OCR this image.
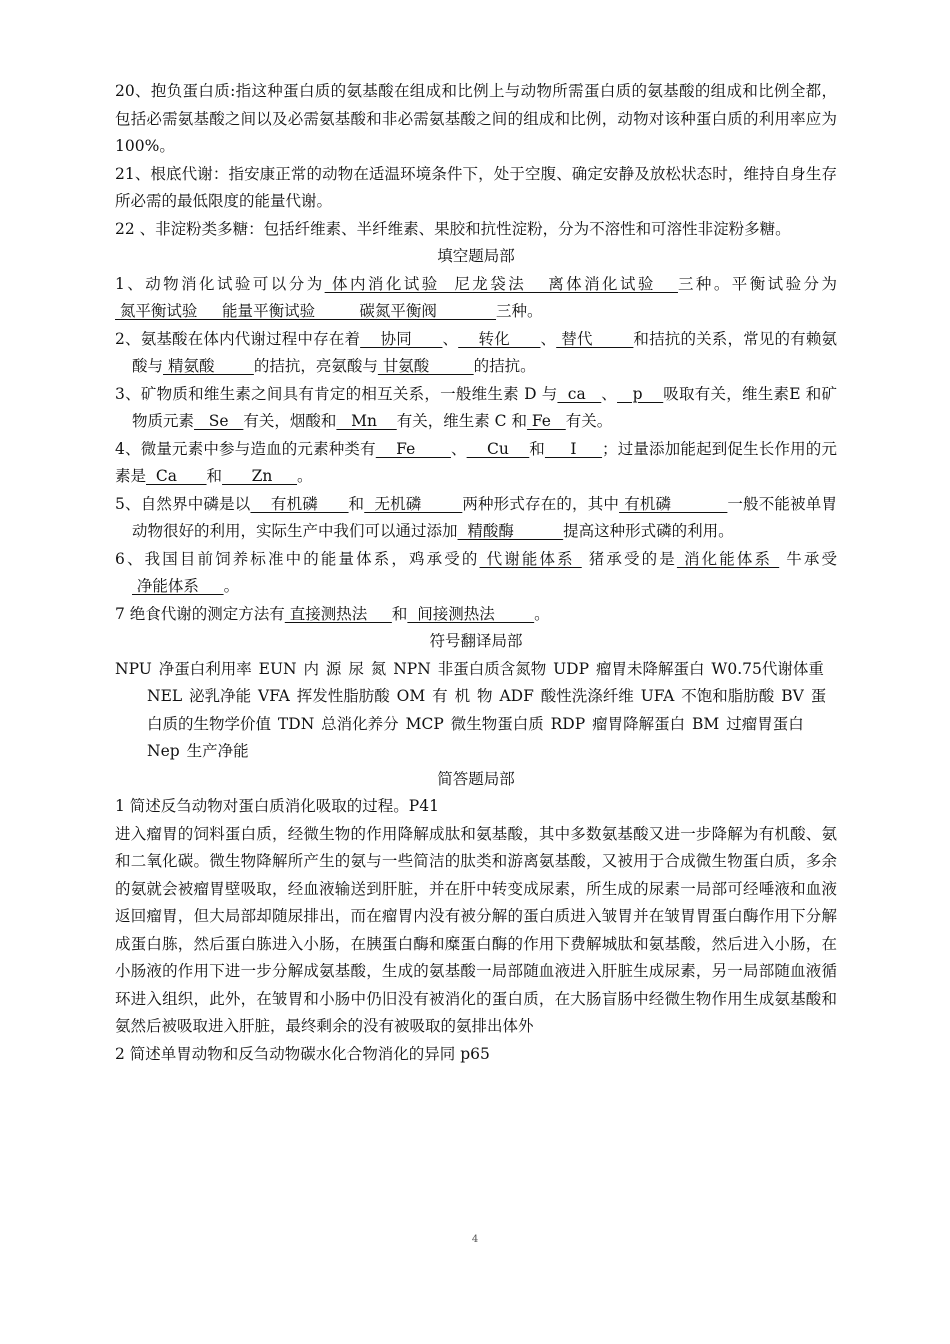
20、抱负蛋白质:指这种蛋白质的氨基酸在组成和比例上与动物所需蛋白质的氨基酸的组成和比例全都，包括必需氨基酸之间以及必需氨基酸和非必需氨基酸之间的组成和比例，动物对该种蛋白质的利用率应为 100%。
21、根底代谢：指安康正常的动物在适温环境条件下，处于空腹、确定安静及放松状态时，维持自身生存所必需的最低限度的能量代谢。
22 、非淀粉类多糖：包括纤维素、半纤维素、果胶和抗性淀粉，分为不溶性和可溶性非淀粉多糖。
填空题局部
1、动物消化试验可以分为 体内消化试验  尼龙袋法   离体消化试验   三种。平衡试验分为 氮平衡试验     能量平衡试验         碳氮平衡阀            三种。
2、氨基酸在体内代谢过程中存在着    协同      、    转化      、 替代        和拮抗的关系，常见的有赖氨酸与 精氨酸        的拮抗，亮氨酸与 甘氨酸         的拮抗。
3、矿物质和维生素之间具有肯定的相互关系，一般维生素 D 与  ca   、   p    吸取有关，维生素E 和矿物质元素   Se   有关，烟酸和   Mn    有关，维生素 C 和 Fe   有关。
4、微量元素中参与造血的元素种类有    Fe       、    Cu    和     I     ；过量添加能起到促生长作用的元素是  Ca      和      Zn     。
5、自然界中磷是以    有机磷      和  无机磷        两种形式存在的，其中 有机磷           一般不能被单胃动物很好的利用，实际生产中我们可以通过添加  精酸酶          提高这种形式磷的利用。
6、我国目前饲养标准中的能量体系，鸡承受的 代谢能体系  猪承受的是 消化能体系  牛承受 净能体系     。
7 绝食代谢的测定方法有 直接测热法     和  间接测热法        。
符号翻译局部
NPU 净蛋白利用率 EUN 内 源 尿 氮 NPN 非蛋白质含氮物 UDP 瘤胃未降解蛋白 W0.75代谢体重 NEL 泌乳净能 VFA 挥发性脂肪酸 OM 有 机 物 ADF 酸性洗涤纤维 UFA 不饱和脂肪酸 BV 蛋白质的生物学价值 TDN 总消化养分 MCP 微生物蛋白质 RDP 瘤胃降解蛋白 BM 过瘤胃蛋白 Nep 生产净能
简答题局部
1 简述反刍动物对蛋白质消化吸取的过程。P41
进入瘤胃的饲料蛋白质，经微生物的作用降解成肽和氨基酸，其中多数氨基酸又进一步降解为有机酸、氨和二氧化碳。微生物降解所产生的氨与一些简洁的肽类和游离氨基酸，又被用于合成微生物蛋白质，多余的氨就会被瘤胃壁吸取，经血液输送到肝脏，并在肝中转变成尿素，所生成的尿素一局部可经唾液和血液返回瘤胃，但大局部却随尿排出，而在瘤胃内没有被分解的蛋白质进入皱胃并在皱胃胃蛋白酶作用下分解成蛋白胨，然后蛋白胨进入小肠，在胰蛋白酶和糜蛋白酶的作用下费解城肽和氨基酸，然后进入小肠，在小肠液的作用下进一步分解成氨基酸，生成的氨基酸一局部随血液进入肝脏生成尿素，另一局部随血液循环进入组织，此外，在皱胃和小肠中仍旧没有被消化的蛋白质，在大肠盲肠中经微生物作用生成氨基酸和氨然后被吸取进入肝脏，最终剩余的没有被吸取的氨排出体外
2 简述单胃动物和反刍动物碳水化合物消化的异同 p65
4
